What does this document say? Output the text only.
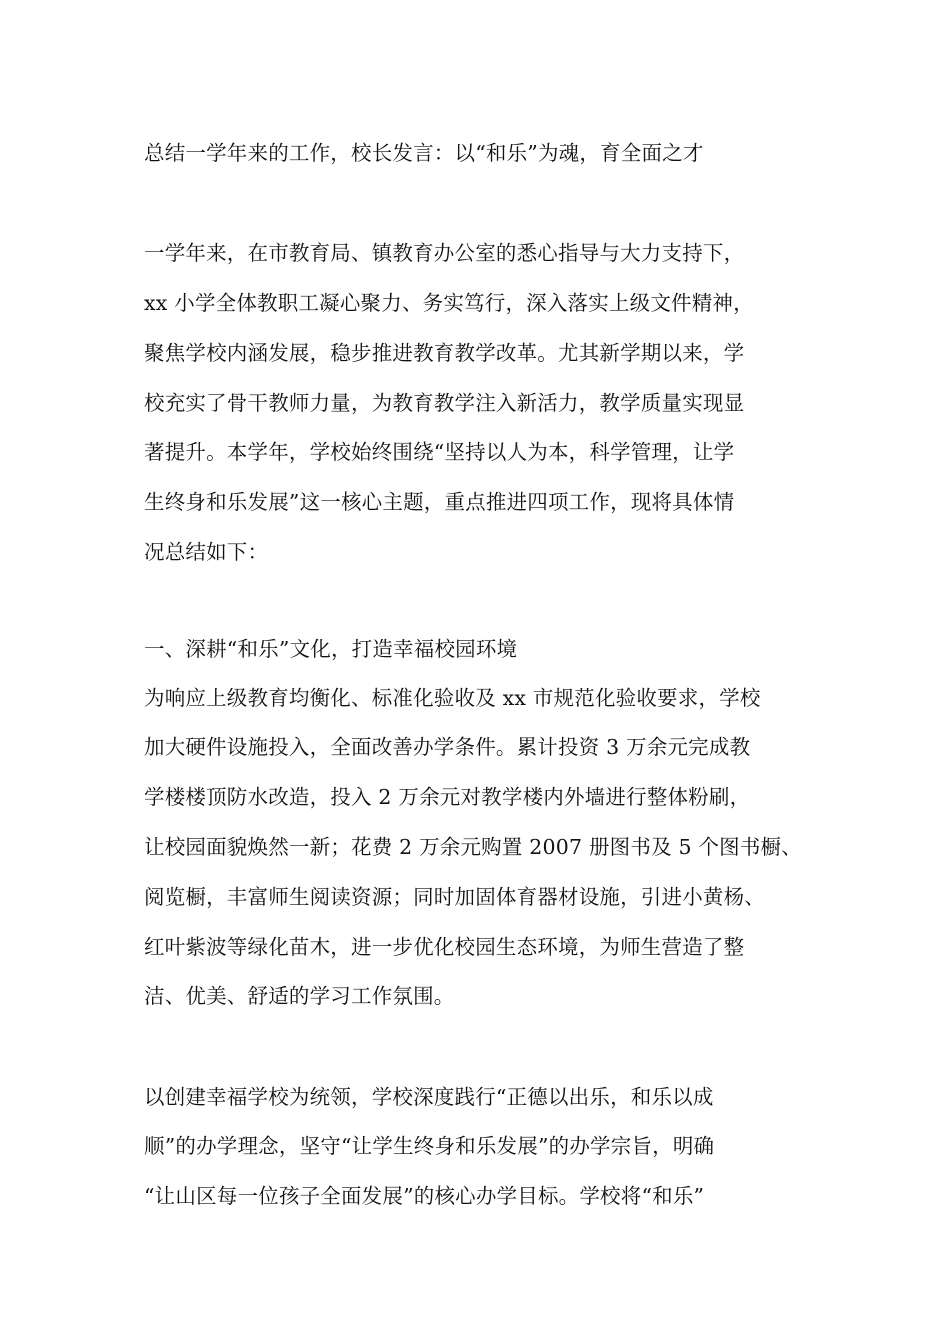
总结一学年来的工作，校长发言：以“和乐”为魂，育全面之才
一学年来，在市教育局、镇教育办公室的悉心指导与大力支持下，
xx 小学全体教职工凝心聚力、务实笃行，深入落实上级文件精神，
聚焦学校内涵发展，稳步推进教育教学改革。尤其新学期以来，学
校充实了骨干教师力量，为教育教学注入新活力，教学质量实现显
著提升。本学年，学校始终围绕“坚持以人为本，科学管理，让学
生终身和乐发展”这一核心主题，重点推进四项工作，现将具体情
况总结如下：
一、深耕“和乐”文化，打造幸福校园环境
为响应上级教育均衡化、标准化验收及 xx 市规范化验收要求，学校
加大硬件设施投入，全面改善办学条件。累计投资 3 万余元完成教
学楼楼顶防水改造，投入 2 万余元对教学楼内外墙进行整体粉刷，
让校园面貌焕然一新；花费 2 万余元购置 2007 册图书及 5 个图书橱、
阅览橱，丰富师生阅读资源；同时加固体育器材设施，引进小黄杨、
红叶紫波等绿化苗木，进一步优化校园生态环境，为师生营造了整
洁、优美、舒适的学习工作氛围。
以创建幸福学校为统领，学校深度践行“正德以出乐，和乐以成
顺”的办学理念，坚守“让学生终身和乐发展”的办学宗旨，明确
“让山区每一位孩子全面发展”的核心办学目标。学校将“和乐”
